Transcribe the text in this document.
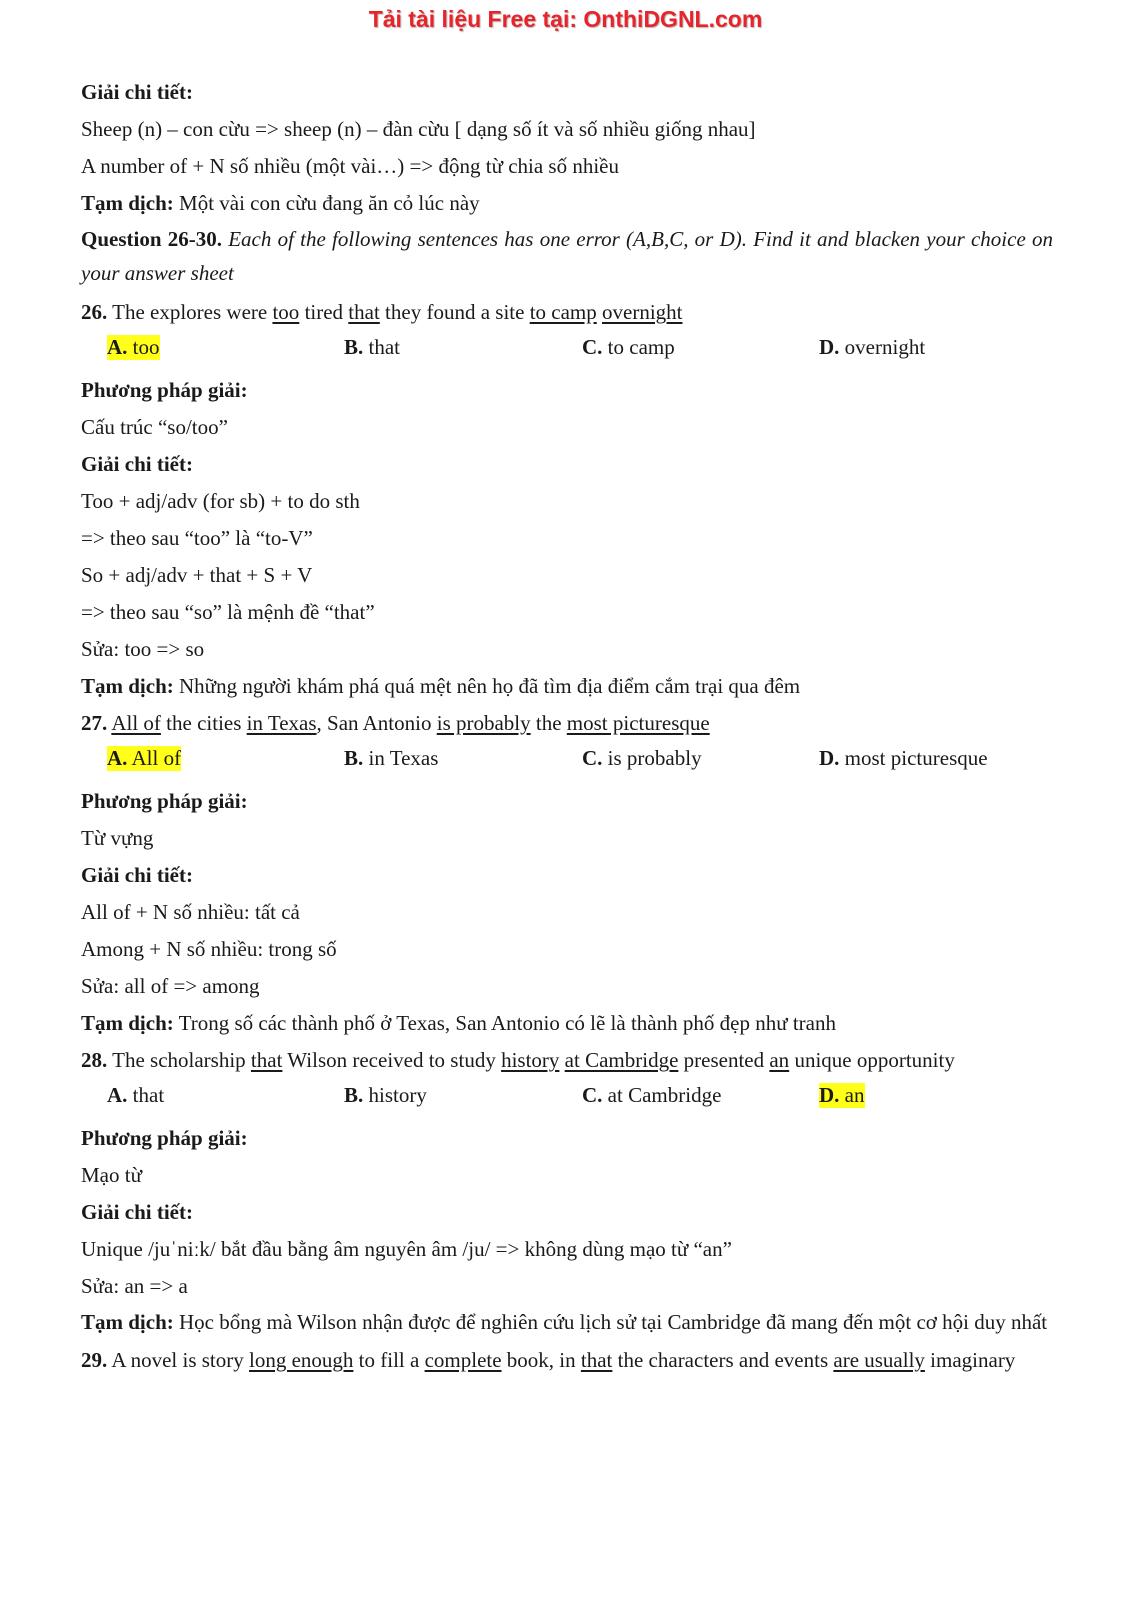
Tải tài liệu Free tại: OnthiDGNL.com
Giải chi tiết:
Sheep (n) – con cừu => sheep (n) – đàn cừu [ dạng số ít và số nhiều giống nhau]
A number of + N số nhiều (một vài…) => động từ chia số nhiều
Tạm dịch: Một vài con cừu đang ăn cỏ lúc này
Question 26-30. Each of the following sentences has one error (A,B,C, or D). Find it and blacken your choice on your answer sheet
26. The explores were too tired that they found a site to camp overnight
A. too	B. that	C. to camp	D. overnight
Phương pháp giải:
Cấu trúc “so/too”
Giải chi tiết:
Too + adj/adv (for sb) + to do sth
=> theo sau “too” là “to-V”
So + adj/adv + that + S + V
=> theo sau “so” là mệnh đề “that”
Sửa: too => so
Tạm dịch: Những người khám phá quá mệt nên họ đã tìm địa điểm cắm trại qua đêm
27. All of the cities in Texas, San Antonio is probably the most picturesque
A. All of	B. in Texas	C. is probably	D. most picturesque
Phương pháp giải:
Từ vựng
Giải chi tiết:
All of + N số nhiều: tất cả
Among + N số nhiều: trong số
Sửa: all of => among
Tạm dịch: Trong số các thành phố ở Texas, San Antonio có lẽ là thành phố đẹp như tranh
28. The scholarship that Wilson received to study history at Cambridge presented an unique opportunity
A. that	B. history	C. at Cambridge	D. an
Phương pháp giải:
Mạo từ
Giải chi tiết:
Unique /juˈniːk/ bắt đầu bằng âm nguyên âm /ju/ => không dùng mạo từ “an”
Sửa: an => a
Tạm dịch: Học bổng mà Wilson nhận được để nghiên cứu lịch sử tại Cambridge đã mang đến một cơ hội duy nhất
29. A novel is story long enough to fill a complete book, in that the characters and events are usually imaginary
